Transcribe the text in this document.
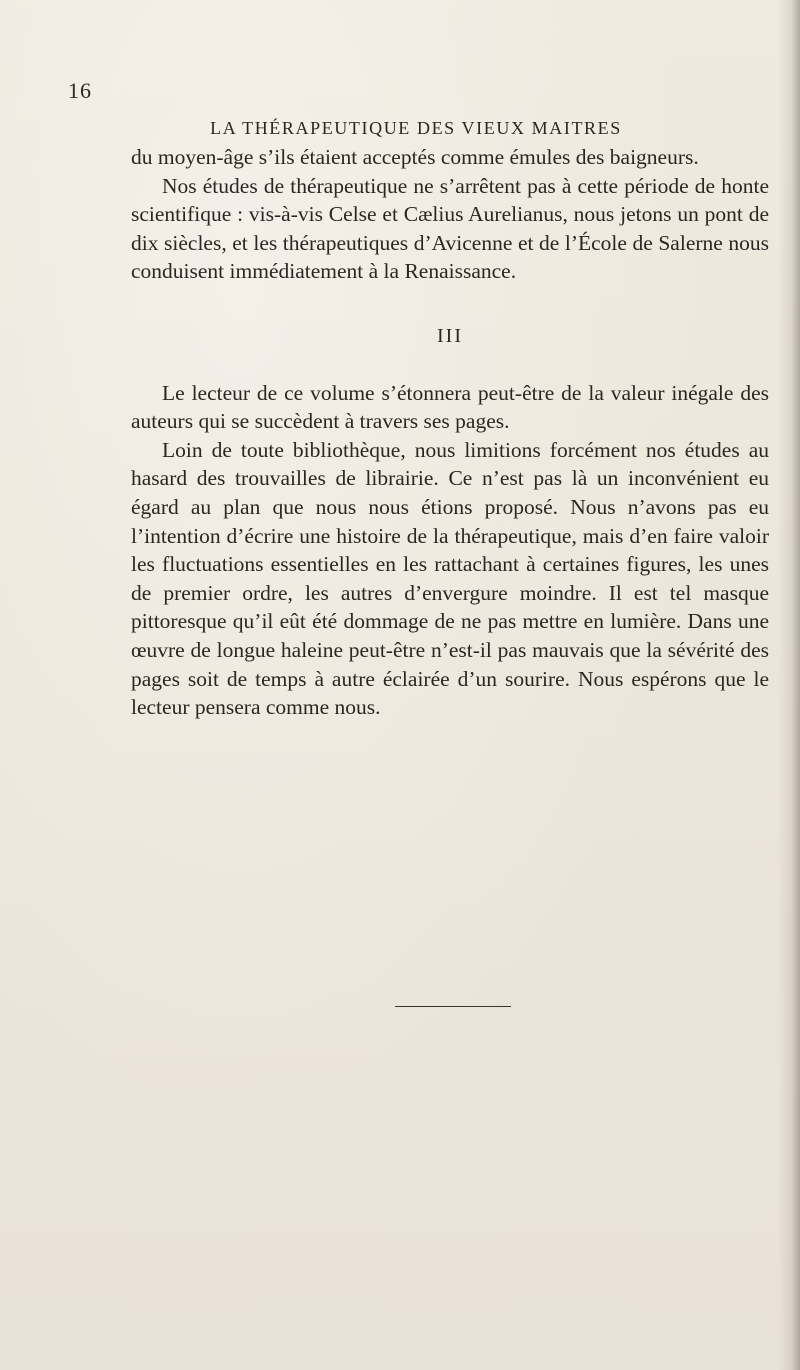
16
LA THÉRAPEUTIQUE DES VIEUX MAITRES

du moyen-âge s’ils étaient acceptés comme émules des baigneurs.

Nos études de thérapeutique ne s’arrêtent pas à cette période de honte scientifique : vis-à-vis Celse et Cælius Aurelianus, nous jetons un pont de dix siècles, et les thérapeutiques d’Avicenne et de l’École de Salerne nous conduisent immédiatement à la Renaissance.

III

Le lecteur de ce volume s’étonnera peut-être de la valeur inégale des auteurs qui se succèdent à travers ses pages.

Loin de toute bibliothèque, nous limitions forcément nos études au hasard des trouvailles de librairie. Ce n’est pas là un inconvénient eu égard au plan que nous nous étions proposé. Nous n’avons pas eu l’intention d’écrire une histoire de la thérapeutique, mais d’en faire valoir les fluctuations essentielles en les rattachant à certaines figures, les unes de premier ordre, les autres d’envergure moindre. Il est tel masque pittoresque qu’il eût été dommage de ne pas mettre en lumière. Dans une œuvre de longue haleine peut-être n’est-il pas mauvais que la sévérité des pages soit de temps à autre éclairée d’un sourire. Nous espérons que le lecteur pensera comme nous.
